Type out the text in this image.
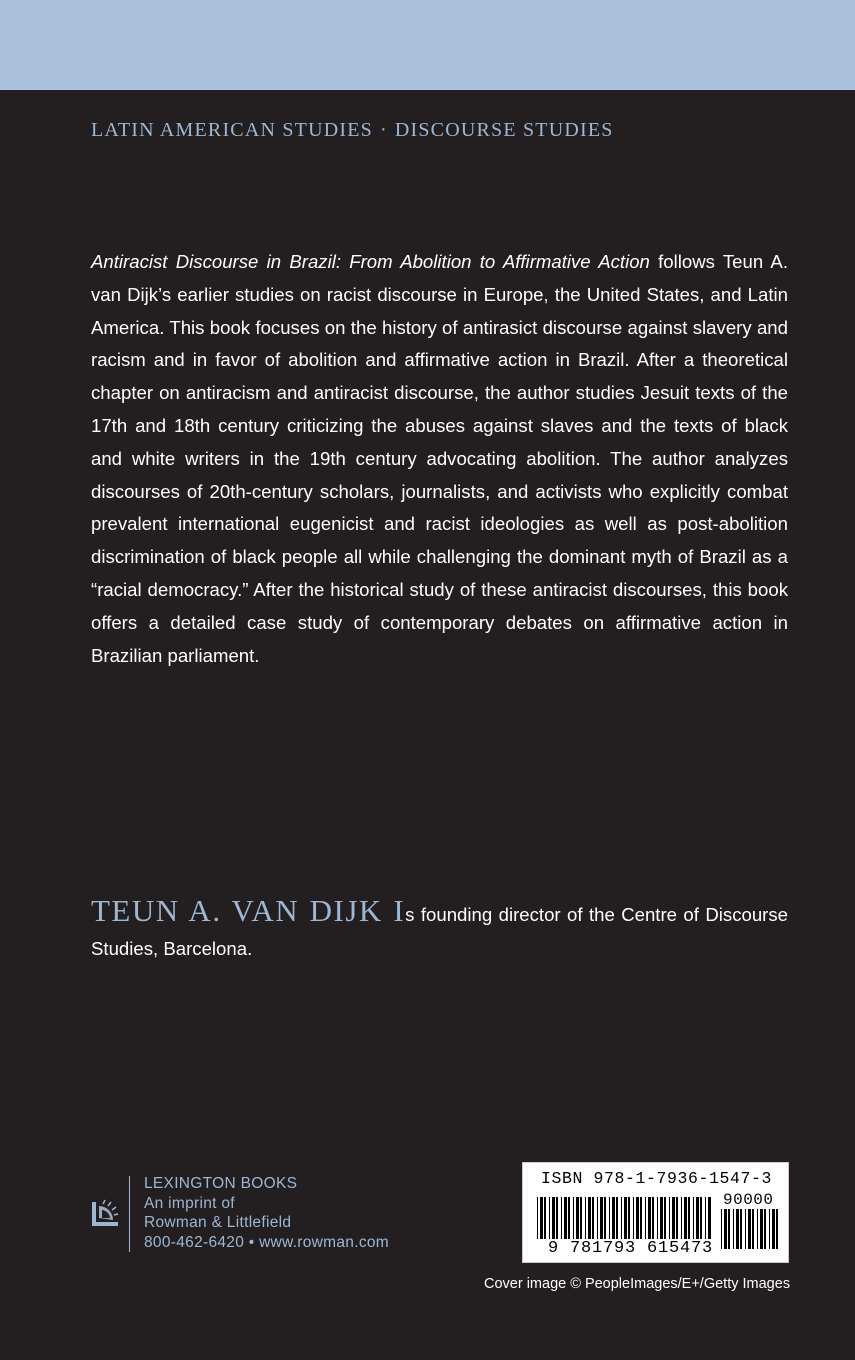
LATIN AMERICAN STUDIES · DISCOURSE STUDIES
Antiracist Discourse in Brazil: From Abolition to Affirmative Action follows Teun A. van Dijk’s earlier studies on racist discourse in Europe, the United States, and Latin America. This book focuses on the history of antirasict discourse against slavery and racism and in favor of abolition and affirmative action in Brazil. After a theoretical chapter on antiracism and antiracist discourse, the author studies Jesuit texts of the 17th and 18th century criticizing the abuses against slaves and the texts of black and white writers in the 19th century advocating abolition. The author analyzes discourses of 20th-century scholars, journalists, and activists who explicitly combat prevalent international eugenicist and racist ideologies as well as post-abolition discrimination of black people all while challenging the dominant myth of Brazil as a “racial democracy.” After the historical study of these antiracist discourses, this book offers a detailed case study of contemporary debates on affirmative action in Brazilian parliament.
TEUN A. VAN DIJK Is founding director of the Centre of Discourse Studies, Barcelona.
LEXINGTON BOOKS
An imprint of
Rowman & Littlefield
800-462-6420 • www.rowman.com
ISBN 978-1-7936-1547-3
90000
9 781793 615473
Cover image © PeopleImages/E+/Getty Images
